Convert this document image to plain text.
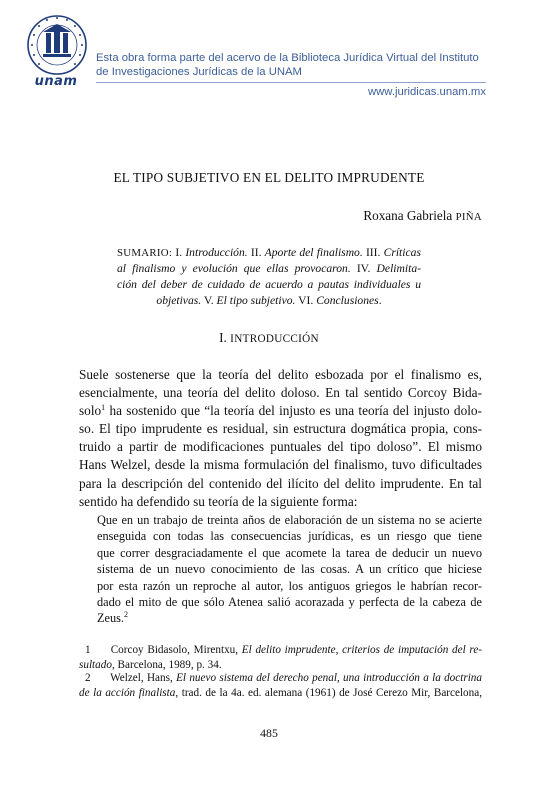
unam
Esta obra forma parte del acervo de la Biblioteca Jurídica Virtual del Instituto
de Investigaciones Jurídicas de la UNAM
www.juridicas.unam.mx
EL TIPO SUBJETIVO EN EL DELITO IMPRUDENTE
Roxana Gabriela PIÑA
SUMARIO: I. Introducción. II. Aporte del finalismo. III. Críticas
al finalismo y evolución que ellas provocaron. IV. Delimita-
ción del deber de cuidado de acuerdo a pautas individuales u
objetivas. V. El tipo subjetivo. VI. Conclusiones.
I. INTRODUCCIÓN
Suele sostenerse que la teoría del delito esbozada por el finalismo es,
esencialmente, una teoría del delito doloso. En tal sentido Corcoy Bida-
solo$^1$ ha sostenido que “la teoría del injusto es una teoría del injusto dolo-
so. El tipo imprudente es residual, sin estructura dogmática propia, cons-
truido a partir de modificaciones puntuales del tipo doloso”. El mismo
Hans Welzel, desde la misma formulación del finalismo, tuvo dificultades
para la descripción del contenido del ilícito del delito imprudente. En tal
sentido ha defendido su teoría de la siguiente forma:
Que en un trabajo de treinta años de elaboración de un sistema no se acierte
enseguida con todas las consecuencias jurídicas, es un riesgo que tiene
que correr desgraciadamente el que acomete la tarea de deducir un nuevo
sistema de un nuevo conocimiento de las cosas. A un crítico que hiciese
por esta razón un reproche al autor, los antiguos griegos le habrían recor-
dado el mito de que sólo Atenea salió acorazada y perfecta de la cabeza de
Zeus.$^2$
1 Corcoy Bidasolo, Mirentxu, El delito imprudente, criterios de imputación del re-
sultado, Barcelona, 1989, p. 34.
2 Welzel, Hans, El nuevo sistema del derecho penal, una introducción a la doctrina
de la acción finalista, trad. de la 4a. ed. alemana (1961) de José Cerezo Mir, Barcelona,
485
